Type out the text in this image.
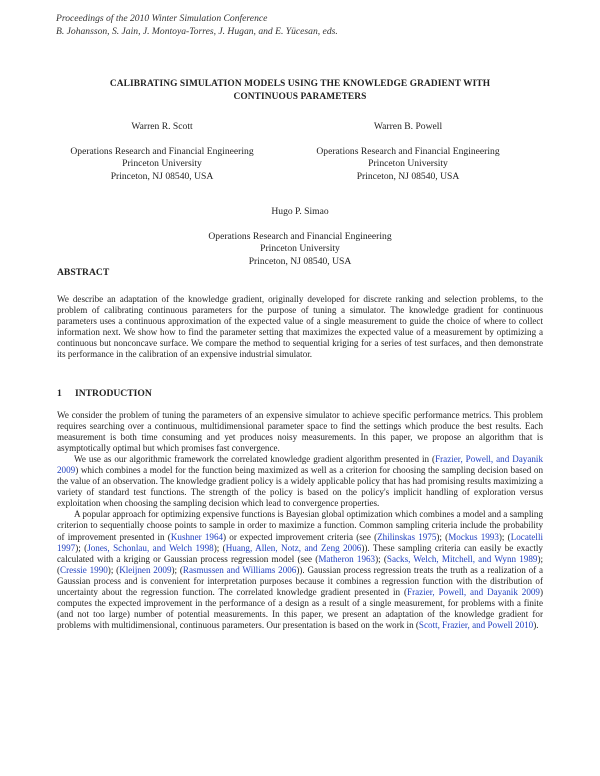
Proceedings of the 2010 Winter Simulation Conference
B. Johansson, S. Jain, J. Montoya-Torres, J. Hugan, and E. Yücesan, eds.
CALIBRATING SIMULATION MODELS USING THE KNOWLEDGE GRADIENT WITH
CONTINUOUS PARAMETERS
Warren R. Scott
Operations Research and Financial Engineering
Princeton University
Princeton, NJ 08540, USA
Warren B. Powell
Operations Research and Financial Engineering
Princeton University
Princeton, NJ 08540, USA
Hugo P. Simao
Operations Research and Financial Engineering
Princeton University
Princeton, NJ 08540, USA
ABSTRACT

We describe an adaptation of the knowledge gradient, originally developed for discrete ranking and selection problems, to the problem of calibrating continuous parameters for the purpose of tuning a simulator. The knowledge gradient for continuous parameters uses a continuous approximation of the expected value of a single measurement to guide the choice of where to collect information next. We show how to find the parameter setting that maximizes the expected value of a measurement by optimizing a continuous but nonconcave surface. We compare the method to sequential kriging for a series of test surfaces, and then demonstrate its performance in the calibration of an expensive industrial simulator.

1 INTRODUCTION

We consider the problem of tuning the parameters of an expensive simulator to achieve specific performance metrics. This problem requires searching over a continuous, multidimensional parameter space to find the settings which produce the best results. Each measurement is both time consuming and yet produces noisy measurements. In this paper, we propose an algorithm that is asymptotically optimal but which promises fast convergence.

We use as our algorithmic framework the correlated knowledge gradient algorithm presented in (Frazier, Powell, and Dayanik 2009) which combines a model for the function being maximized as well as a criterion for choosing the sampling decision based on the value of an observation. The knowledge gradient policy is a widely applicable policy that has had promising results maximizing a variety of standard test functions. The strength of the policy is based on the policy's implicit handling of exploration versus exploitation when choosing the sampling decision which lead to convergence properties.

A popular approach for optimizing expensive functions is Bayesian global optimization which combines a model and a sampling criterion to sequentially choose points to sample in order to maximize a function. Common sampling criteria include the probability of improvement presented in (Kushner 1964) or expected improvement criteria (see (Zhilinskas 1975); (Mockus 1993); (Locatelli 1997); (Jones, Schonlau, and Welch 1998); (Huang, Allen, Notz, and Zeng 2006)). These sampling criteria can easily be exactly calculated with a kriging or Gaussian process regression model (see (Matheron 1963); (Sacks, Welch, Mitchell, and Wynn 1989); (Cressie 1990); (Kleijnen 2009); (Rasmussen and Williams 2006)). Gaussian process regression treats the truth as a realization of a Gaussian process and is convenient for interpretation purposes because it combines a regression function with the distribution of uncertainty about the regression function. The correlated knowledge gradient presented in (Frazier, Powell, and Dayanik 2009) computes the expected improvement in the performance of a design as a result of a single measurement, for problems with a finite (and not too large) number of potential measurements. In this paper, we present an adaptation of the knowledge gradient for problems with multidimensional, continuous parameters. Our presentation is based on the work in (Scott, Frazier, and Powell 2010).
